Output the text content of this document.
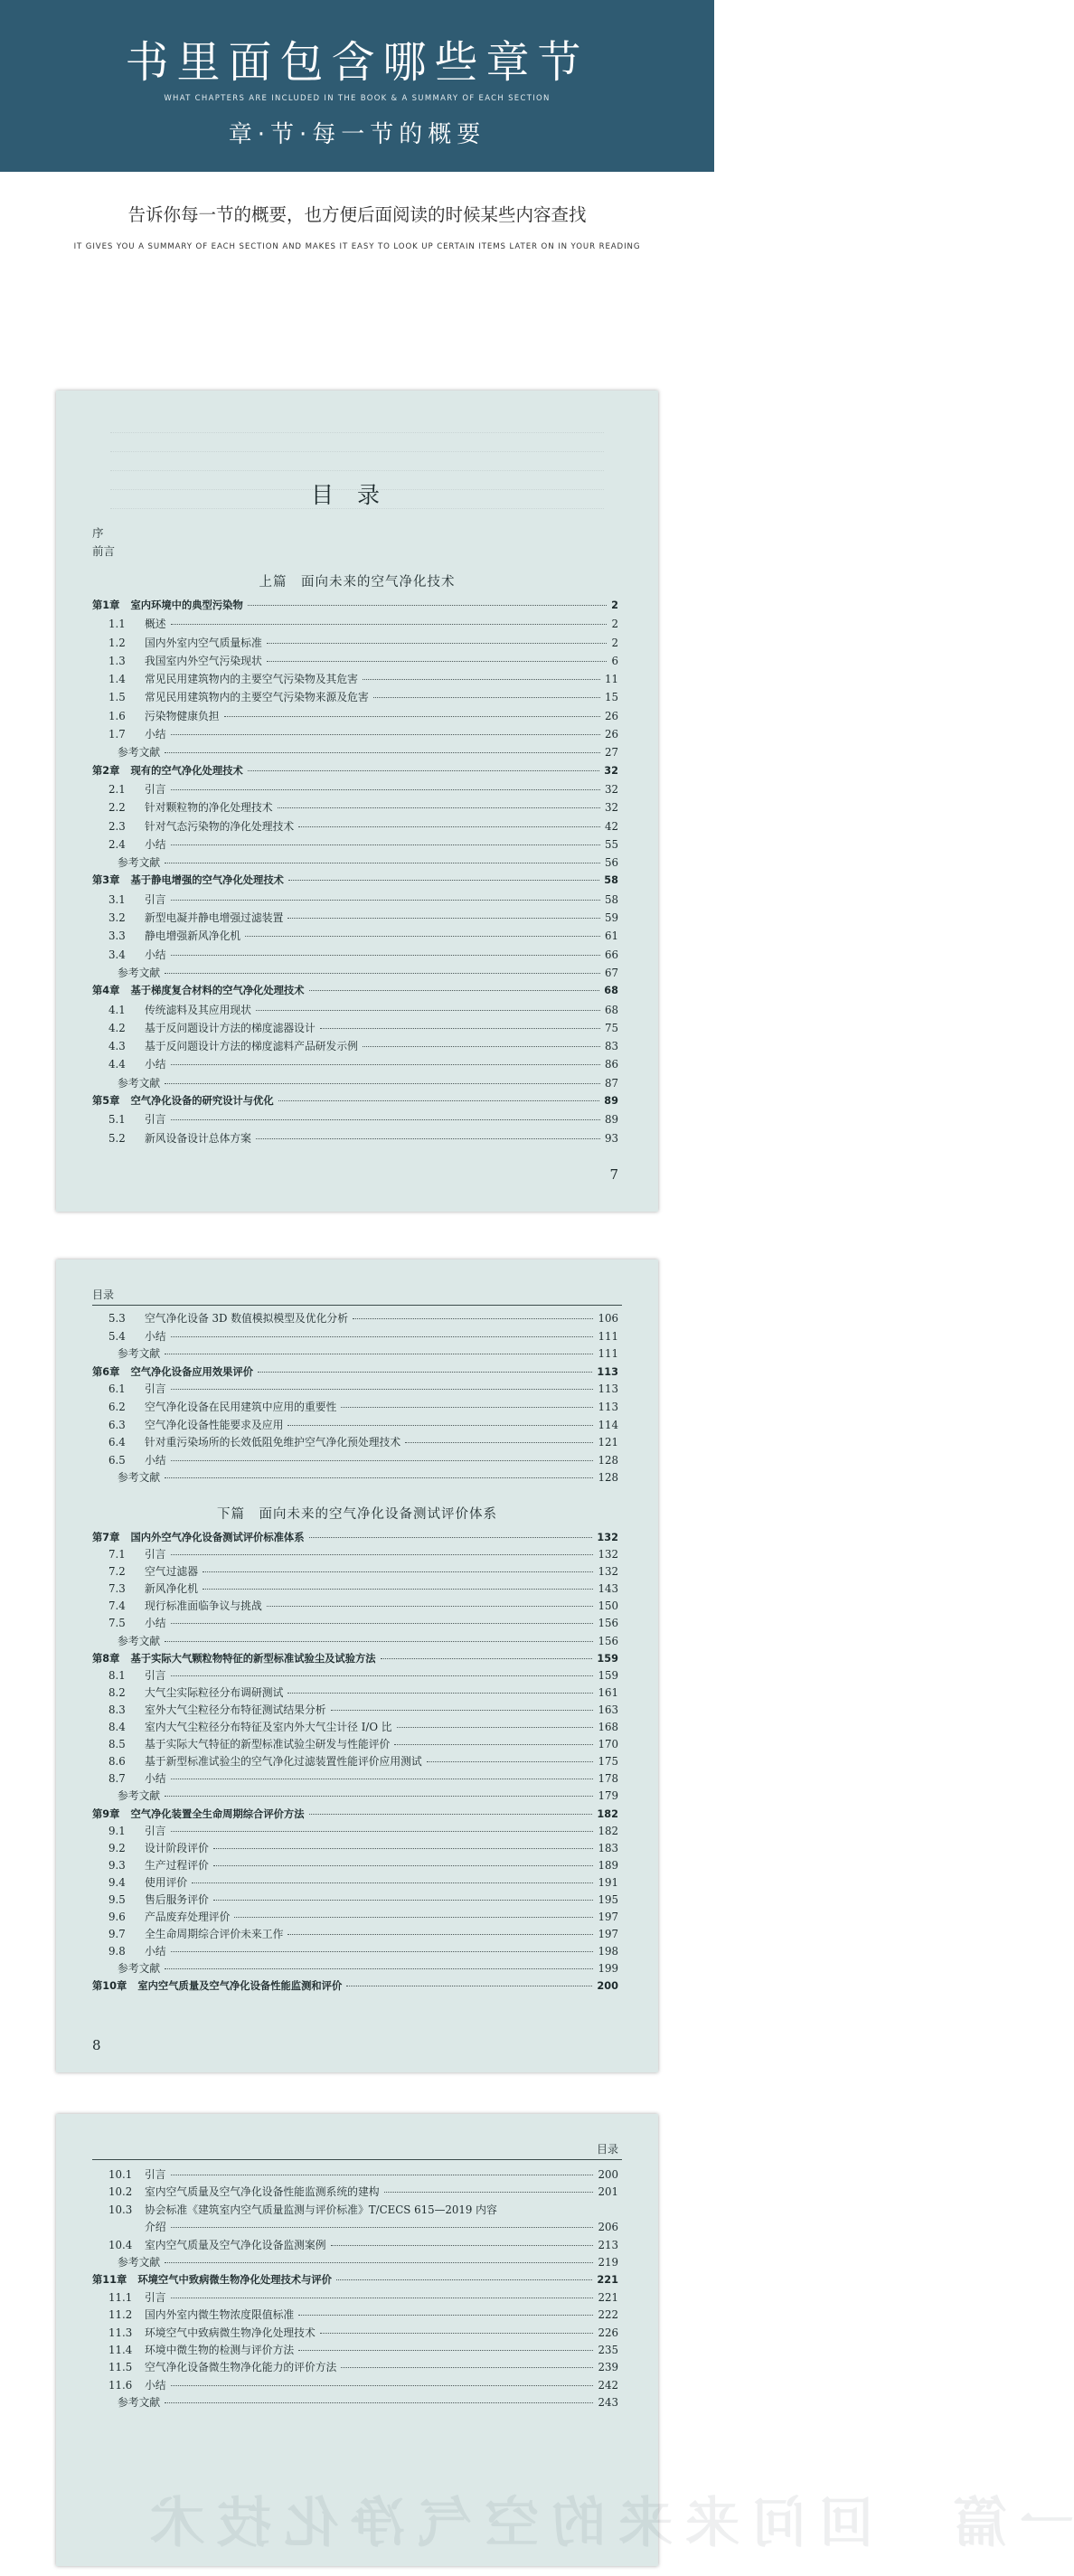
书里面包含哪些章节
WHAT CHAPTERS ARE INCLUDED IN THE BOOK & A SUMMARY OF EACH SECTION
章·节·每一节的概要
告诉你每一节的概要，也方便后面阅读的时候某些内容查找
IT GIVES YOU A SUMMARY OF EACH SECTION AND MAKES IT EASY TO LOOK UP CERTAIN ITEMS LATER ON IN YOUR READING
目录
序
前言
上篇　面向未来的空气净化技术
第1章	室内环境中的典型污染物	2
1.1	概述	2
1.2	国内外室内空气质量标准	2
1.3	我国室内外空气污染现状	6
1.4	常见民用建筑物内的主要空气污染物及其危害	11
1.5	常见民用建筑物内的主要空气污染物来源及危害	15
1.6	污染物健康负担	26
1.7	小结	26
参考文献	27
第2章	现有的空气净化处理技术	32
2.1	引言	32
2.2	针对颗粒物的净化处理技术	32
2.3	针对气态污染物的净化处理技术	42
2.4	小结	55
参考文献	56
第3章	基于静电增强的空气净化处理技术	58
3.1	引言	58
3.2	新型电凝并静电增强过滤装置	59
3.3	静电增强新风净化机	61
3.4	小结	66
参考文献	67
第4章	基于梯度复合材料的空气净化处理技术	68
4.1	传统滤料及其应用现状	68
4.2	基于反问题设计方法的梯度滤器设计	75
4.3	基于反问题设计方法的梯度滤料产品研发示例	83
4.4	小结	86
参考文献	87
第5章	空气净化设备的研究设计与优化	89
5.1	引言	89
5.2	新风设备设计总体方案	93
7
目录
5.3	空气净化设备 3D 数值模拟模型及优化分析	106
5.4	小结	111
参考文献	111
第6章	空气净化设备应用效果评价	113
6.1	引言	113
6.2	空气净化设备在民用建筑中应用的重要性	113
6.3	空气净化设备性能要求及应用	114
6.4	针对重污染场所的长效低阻免维护空气净化预处理技术	121
6.5	小结	128
参考文献	128
下篇　面向未来的空气净化设备测试评价体系
第7章	国内外空气净化设备测试评价标准体系	132
7.1	引言	132
7.2	空气过滤器	132
7.3	新风净化机	143
7.4	现行标准面临争议与挑战	150
7.5	小结	156
参考文献	156
第8章	基于实际大气颗粒物特征的新型标准试验尘及试验方法	159
8.1	引言	159
8.2	大气尘实际粒径分布调研测试	161
8.3	室外大气尘粒径分布特征测试结果分析	163
8.4	室内大气尘粒径分布特征及室内外大气尘计径 I/O 比	168
8.5	基于实际大气特征的新型标准试验尘研发与性能评价	170
8.6	基于新型标准试验尘的空气净化过滤装置性能评价应用测试	175
8.7	小结	178
参考文献	179
第9章	空气净化装置全生命周期综合评价方法	182
9.1	引言	182
9.2	设计阶段评价	183
9.3	生产过程评价	189
9.4	使用评价	191
9.5	售后服务评价	195
9.6	产品废弃处理评价	197
9.7	全生命周期综合评价未来工作	197
9.8	小结	198
参考文献	199
第10章	室内空气质量及空气净化设备性能监测和评价	200
8
目录
10.1	引言	200
10.2	室内空气质量及空气净化设备性能监测系统的建构	201
10.3	协会标准《建筑室内空气质量监测与评价标准》T/CECS 615—2019 内容
介绍	206
10.4	室内空气质量及空气净化设备监测案例	213
参考文献	219
第11章	环境空气中致病微生物净化处理技术与评价	221
11.1	引言	221
11.2	国内外室内微生物浓度限值标准	222
11.3	环境空气中致病微生物净化处理技术	226
11.4	环境中微生物的检测与评价方法	235
11.5	空气净化设备微生物净化能力的评价方法	239
11.6	小结	242
参考文献	243
一篇　回问来来的空气净化技术
